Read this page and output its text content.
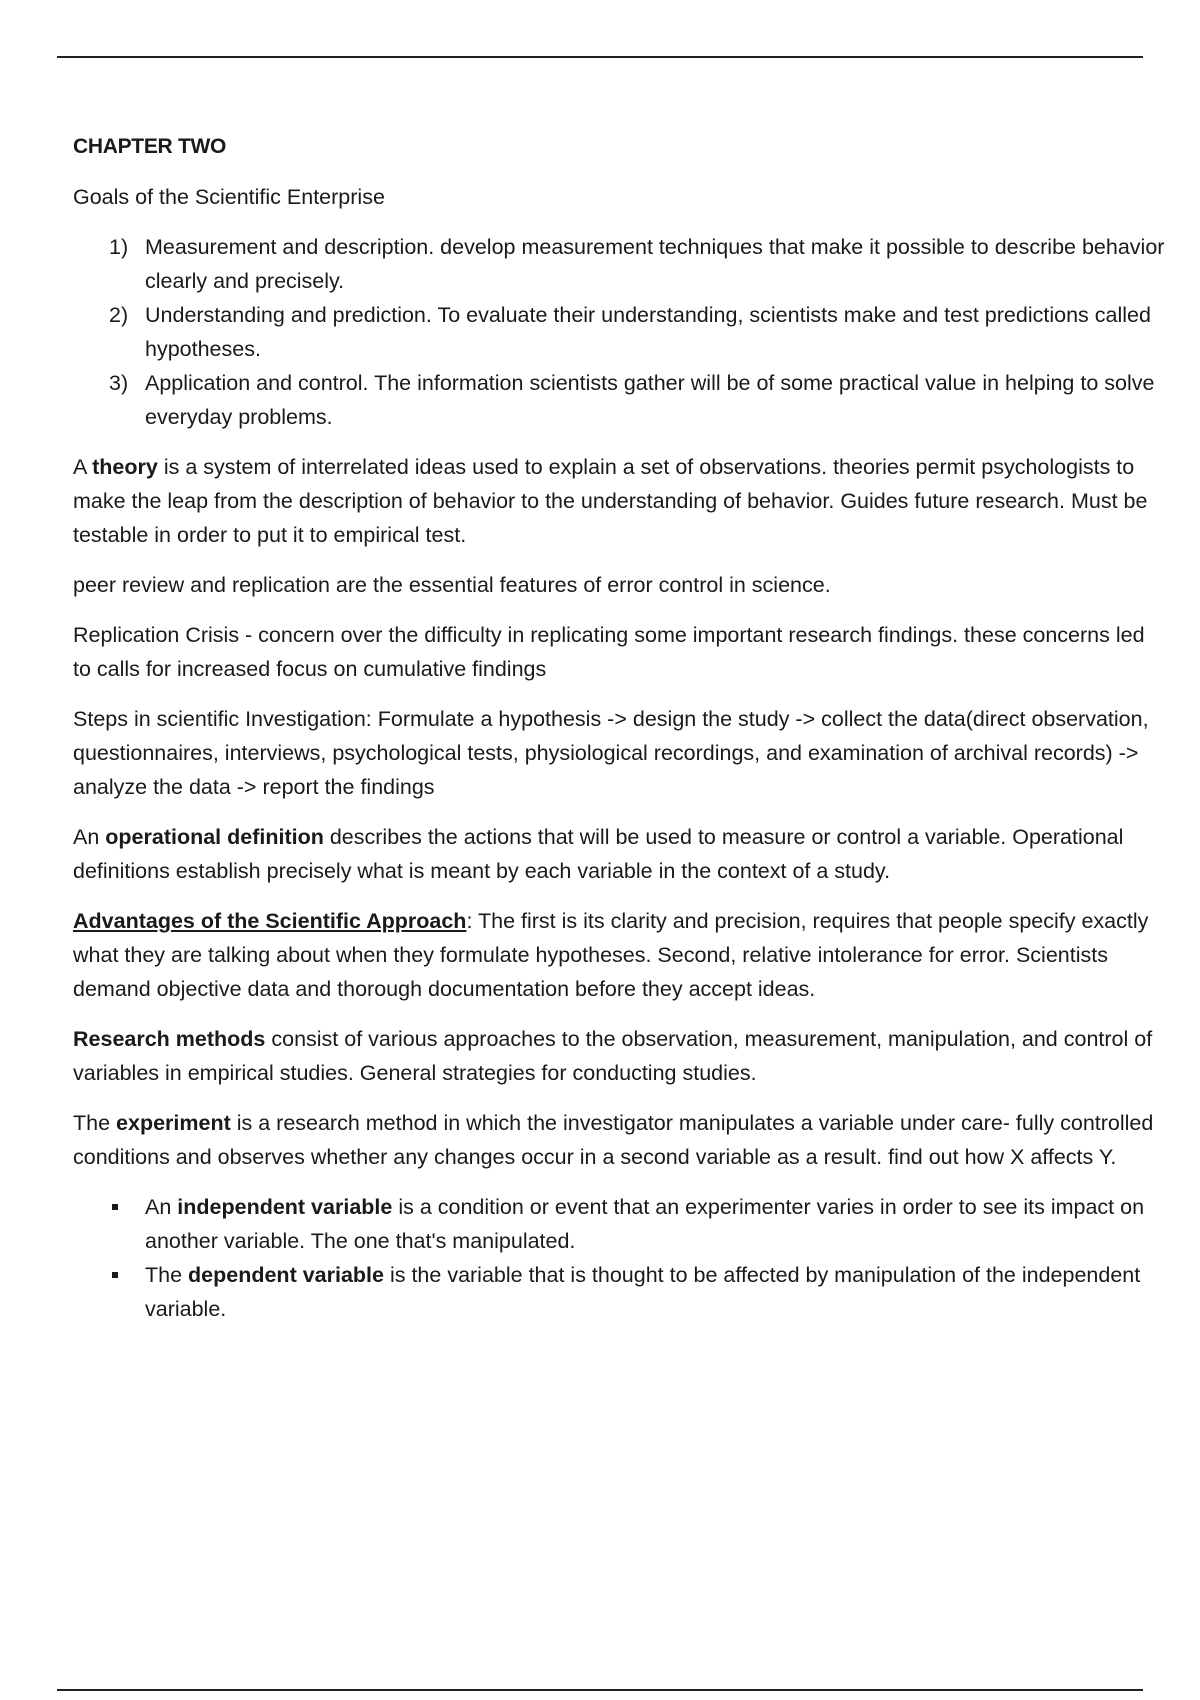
CHAPTER TWO

Goals of the Scientific Enterprise

1) Measurement and description. develop measurement techniques that make it possible to describe behavior clearly and precisely.
2) Understanding and prediction. To evaluate their understanding, scientists make and test predictions called hypotheses.
3) Application and control. The information scientists gather will be of some practical value in helping to solve everyday problems.

A theory is a system of interrelated ideas used to explain a set of observations. theories permit psychologists to make the leap from the description of behavior to the understanding of behavior. Guides future research. Must be testable in order to put it to empirical test.

peer review and replication are the essential features of error control in science.

Replication Crisis - concern over the difficulty in replicating some important research findings. these concerns led to calls for increased focus on cumulative findings

Steps in scientific Investigation: Formulate a hypothesis -> design the study -> collect the data(direct observation, questionnaires, interviews, psychological tests, physiological recordings, and examination of archival records) -> analyze the data -> report the findings

An operational definition describes the actions that will be used to measure or control a variable. Operational definitions establish precisely what is meant by each variable in the context of a study.

Advantages of the Scientific Approach: The first is its clarity and precision, requires that people specify exactly what they are talking about when they formulate hypotheses. Second, relative intolerance for error. Scientists demand objective data and thorough documentation before they accept ideas.

Research methods consist of various approaches to the observation, measurement, manipulation, and control of variables in empirical studies. General strategies for conducting studies.

The experiment is a research method in which the investigator manipulates a variable under care- fully controlled conditions and observes whether any changes occur in a second variable as a result. find out how X affects Y.

An independent variable is a condition or event that an experimenter varies in order to see its impact on another variable. The one that's manipulated.
The dependent variable is the variable that is thought to be affected by manipulation of the independent variable.
